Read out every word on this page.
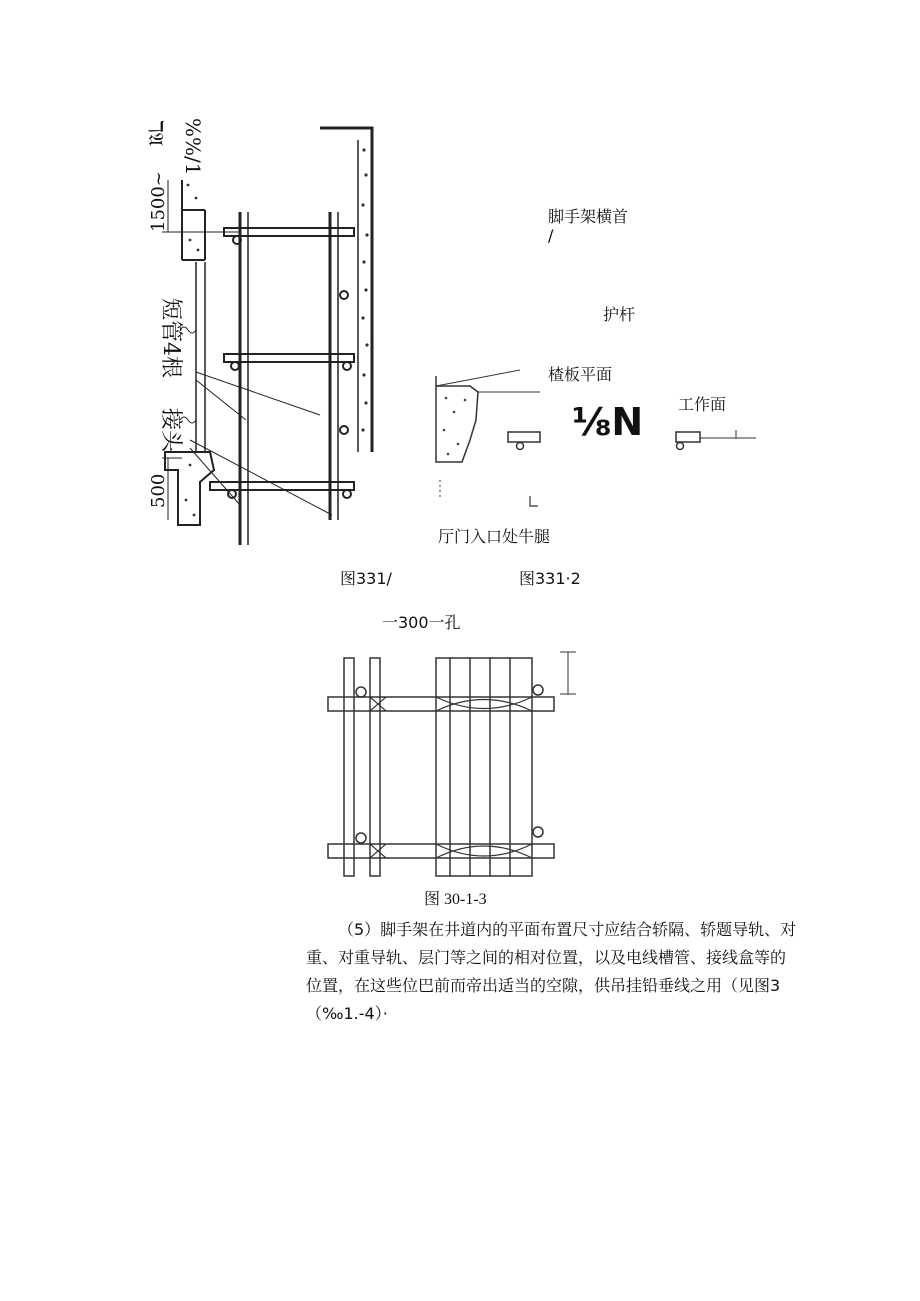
ℸ𝔄 %%/1
1500~
短管4根
接头
500
脚手架横首
/
护杆
楂板平面
⅛N 工作面
厅门入口处牛腿
图331/	图331·2
一300一孔
图 30-1-3

（5）脚手架在井道内的平面布置尺寸应结合轿隔、轿题导轨、对重、对重导轨、层门等之间的相对位置，以及电线槽管、接线盒等的位置，在这些位巴前而帝出适当的空隙，供吊挂铅垂线之用（见图3（‰1.-4）·
